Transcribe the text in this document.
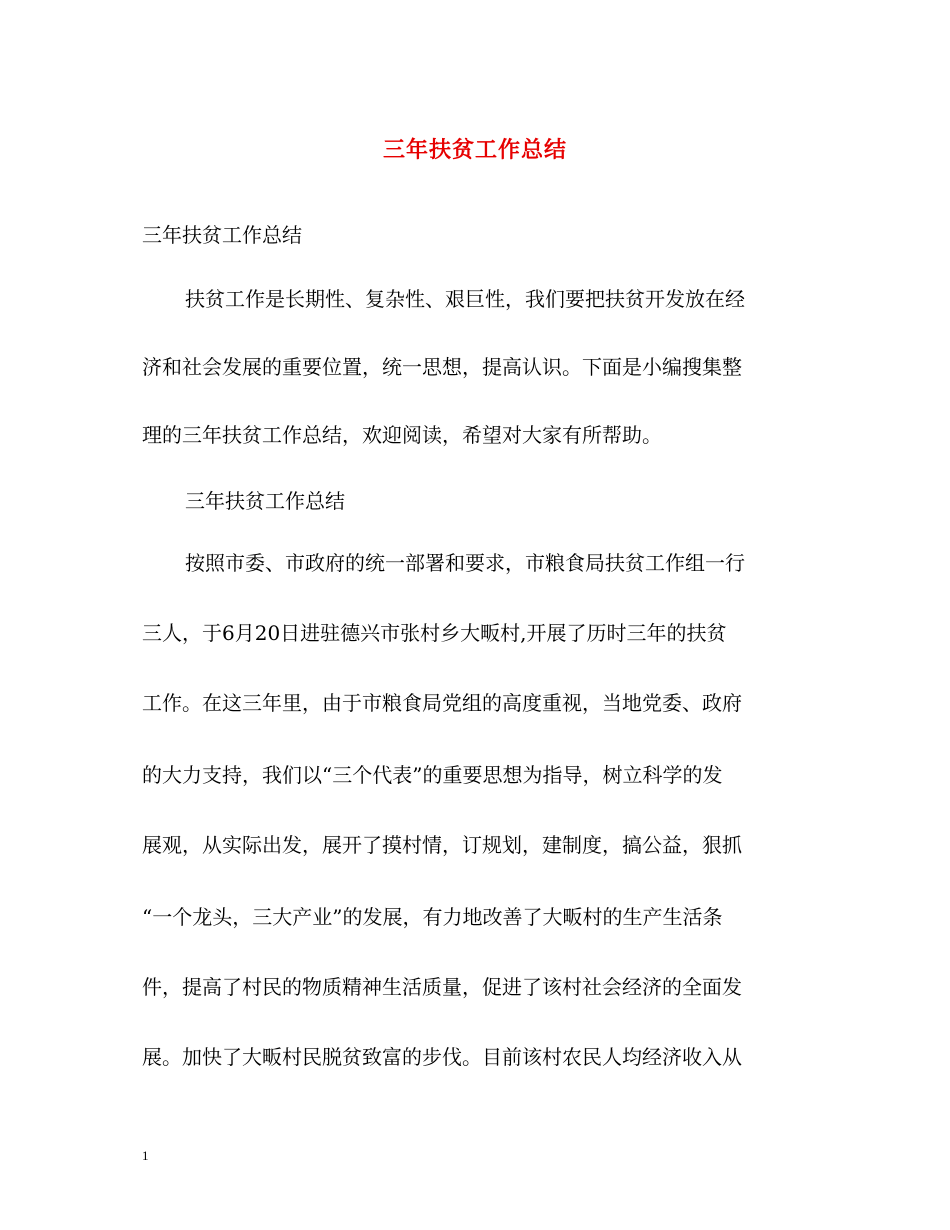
三年扶贫工作总结

三年扶贫工作总结

扶贫工作是长期性、复杂性、艰巨性，我们要把扶贫开发放在经

济和社会发展的重要位置，统一思想，提高认识。下面是小编搜集整

理的三年扶贫工作总结，欢迎阅读，希望对大家有所帮助。

三年扶贫工作总结

按照市委、市政府的统一部署和要求，市粮食局扶贫工作组一行

三人，于6月20日进驻德兴市张村乡大畈村,开展了历时三年的扶贫

工作。在这三年里，由于市粮食局党组的高度重视，当地党委、政府

的大力支持，我们以“三个代表”的重要思想为指导，树立科学的发

展观，从实际出发，展开了摸村情，订规划，建制度，搞公益，狠抓

“一个龙头，三大产业”的发展，有力地改善了大畈村的生产生活条

件，提高了村民的物质精神生活质量，促进了该村社会经济的全面发

展。加快了大畈村民脱贫致富的步伐。目前该村农民人均经济收入从

1
